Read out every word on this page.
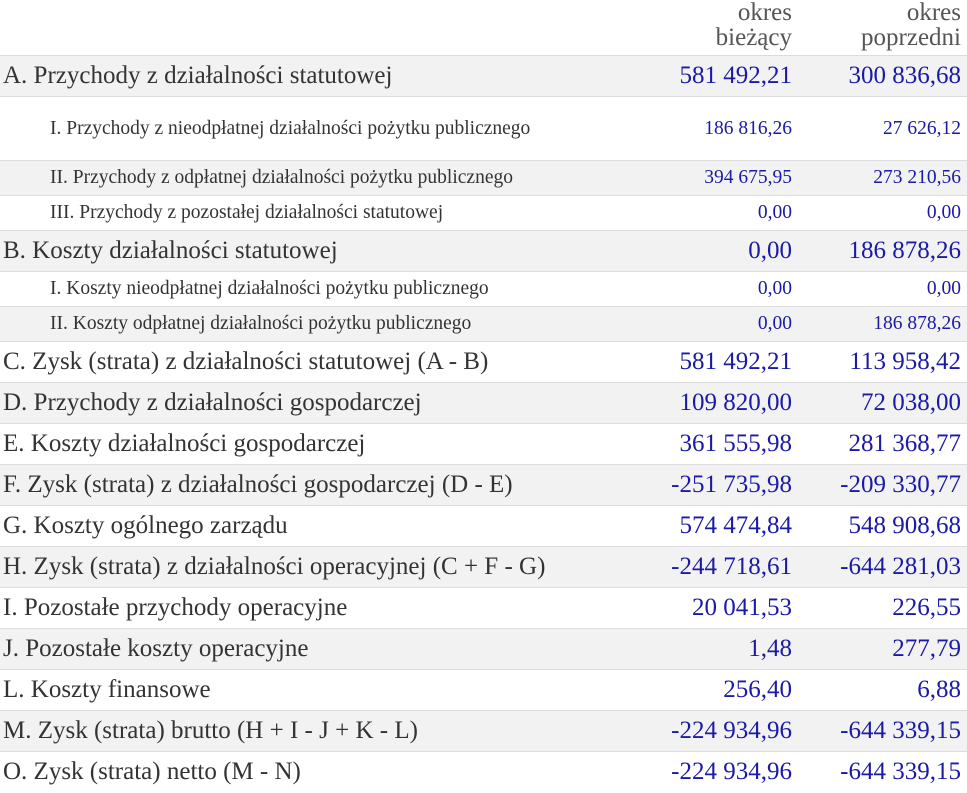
	okres
bieżący	okres
poprzedni

A. Przychody z działalności statutowej	581 492,21	300 836,68
I. Przychody z nieodpłatnej działalności pożytku publicznego	186 816,26	27 626,12
II. Przychody z odpłatnej działalności pożytku publicznego	394 675,95	273 210,56
III. Przychody z pozostałej działalności statutowej	0,00	0,00
B. Koszty działalności statutowej	0,00	186 878,26
I. Koszty nieodpłatnej działalności pożytku publicznego	0,00	0,00
II. Koszty odpłatnej działalności pożytku publicznego	0,00	186 878,26
C. Zysk (strata) z działalności statutowej (A - B)	581 492,21	113 958,42
D. Przychody z działalności gospodarczej	109 820,00	72 038,00
E. Koszty działalności gospodarczej	361 555,98	281 368,77
F. Zysk (strata) z działalności gospodarczej (D - E)	-251 735,98	-209 330,77
G. Koszty ogólnego zarządu	574 474,84	548 908,68
H. Zysk (strata) z działalności operacyjnej (C + F - G)	-244 718,61	-644 281,03
I. Pozostałe przychody operacyjne	20 041,53	226,55
J. Pozostałe koszty operacyjne	1,48	277,79
L. Koszty finansowe	256,40	6,88
M. Zysk (strata) brutto (H + I - J + K - L)	-224 934,96	-644 339,15
O. Zysk (strata) netto (M - N)	-224 934,96	-644 339,15
